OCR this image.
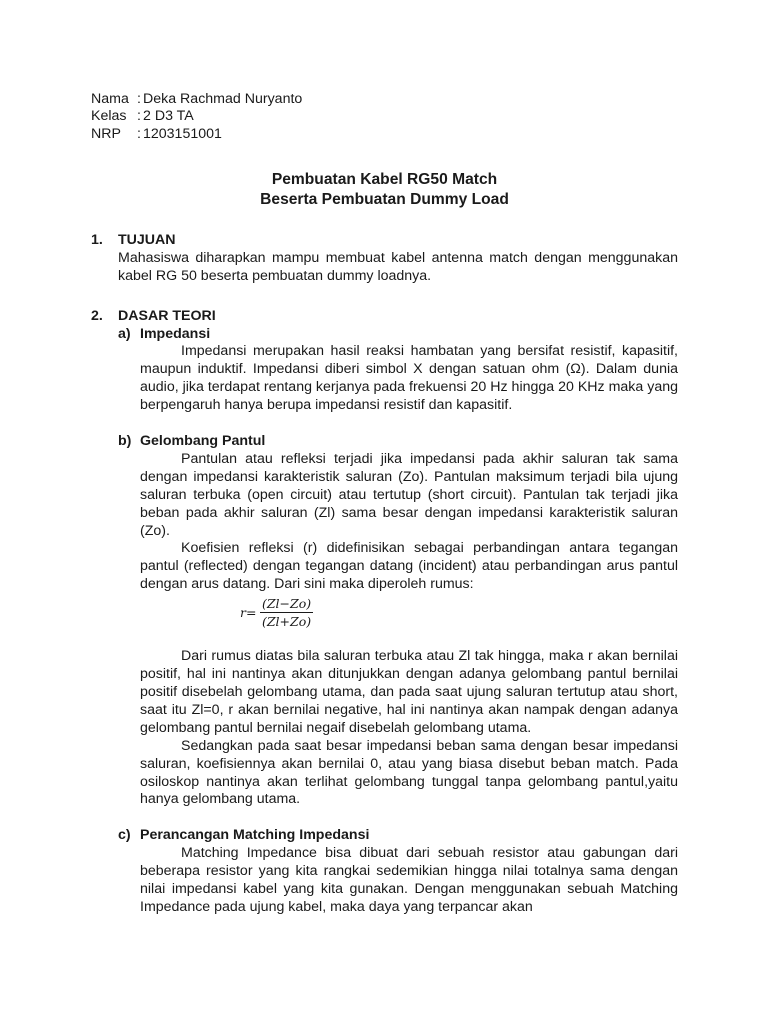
Nama : Deka Rachmad Nuryanto
Kelas : 2 D3 TA
NRP	: 1203151001
Pembuatan Kabel RG50 Match
Beserta Pembuatan Dummy Load
1.	TUJUAN

Mahasiswa diharapkan mampu membuat kabel antenna match dengan menggunakan kabel RG 50 beserta pembuatan dummy loadnya.

2.	DASAR TEORI
a) Impedansi

Impedansi merupakan hasil reaksi hambatan yang bersifat resistif, kapasitif, maupun induktif. Impedansi diberi simbol X dengan satuan ohm (Ω). Dalam dunia audio, jika terdapat rentang kerjanya pada frekuensi 20 Hz hingga 20 KHz maka yang berpengaruh hanya berupa impedansi resistif dan kapasitif.

b) Gelombang Pantul

Pantulan atau refleksi terjadi jika impedansi pada akhir saluran tak sama dengan impedansi karakteristik saluran (Zo). Pantulan maksimum terjadi bila ujung saluran terbuka (open circuit) atau tertutup (short circuit). Pantulan tak terjadi jika beban pada akhir saluran (Zl) sama besar dengan impedansi karakteristik saluran (Zo).

Koefisien refleksi (r) didefinisikan sebagai perbandingan antara tegangan pantul (reflected) dengan tegangan datang (incident) atau perbandingan arus pantul dengan arus datang. Dari sini maka diperoleh rumus:

r=
(Zl−Zo)
(Zl+Zo)

Dari rumus diatas bila saluran terbuka atau Zl tak hingga, maka r akan bernilai positif, hal ini nantinya akan ditunjukkan dengan adanya gelombang pantul bernilai positif disebelah gelombang utama, dan pada saat ujung saluran tertutup atau short, saat itu Zl=0, r akan bernilai negative, hal ini nantinya akan nampak dengan adanya gelombang pantul bernilai negaif disebelah gelombang utama.

Sedangkan pada saat besar impedansi beban sama dengan besar impedansi saluran, koefisiennya akan bernilai 0, atau yang biasa disebut beban match. Pada osiloskop nantinya akan terlihat gelombang tunggal tanpa gelombang pantul,yaitu hanya gelombang utama.

c) Perancangan Matching Impedansi

Matching Impedance bisa dibuat dari sebuah resistor atau gabungan dari beberapa resistor yang kita rangkai sedemikian hingga nilai totalnya sama dengan nilai impedansi kabel yang kita gunakan. Dengan menggunakan sebuah Matching Impedance pada ujung kabel, maka daya yang terpancar akan
